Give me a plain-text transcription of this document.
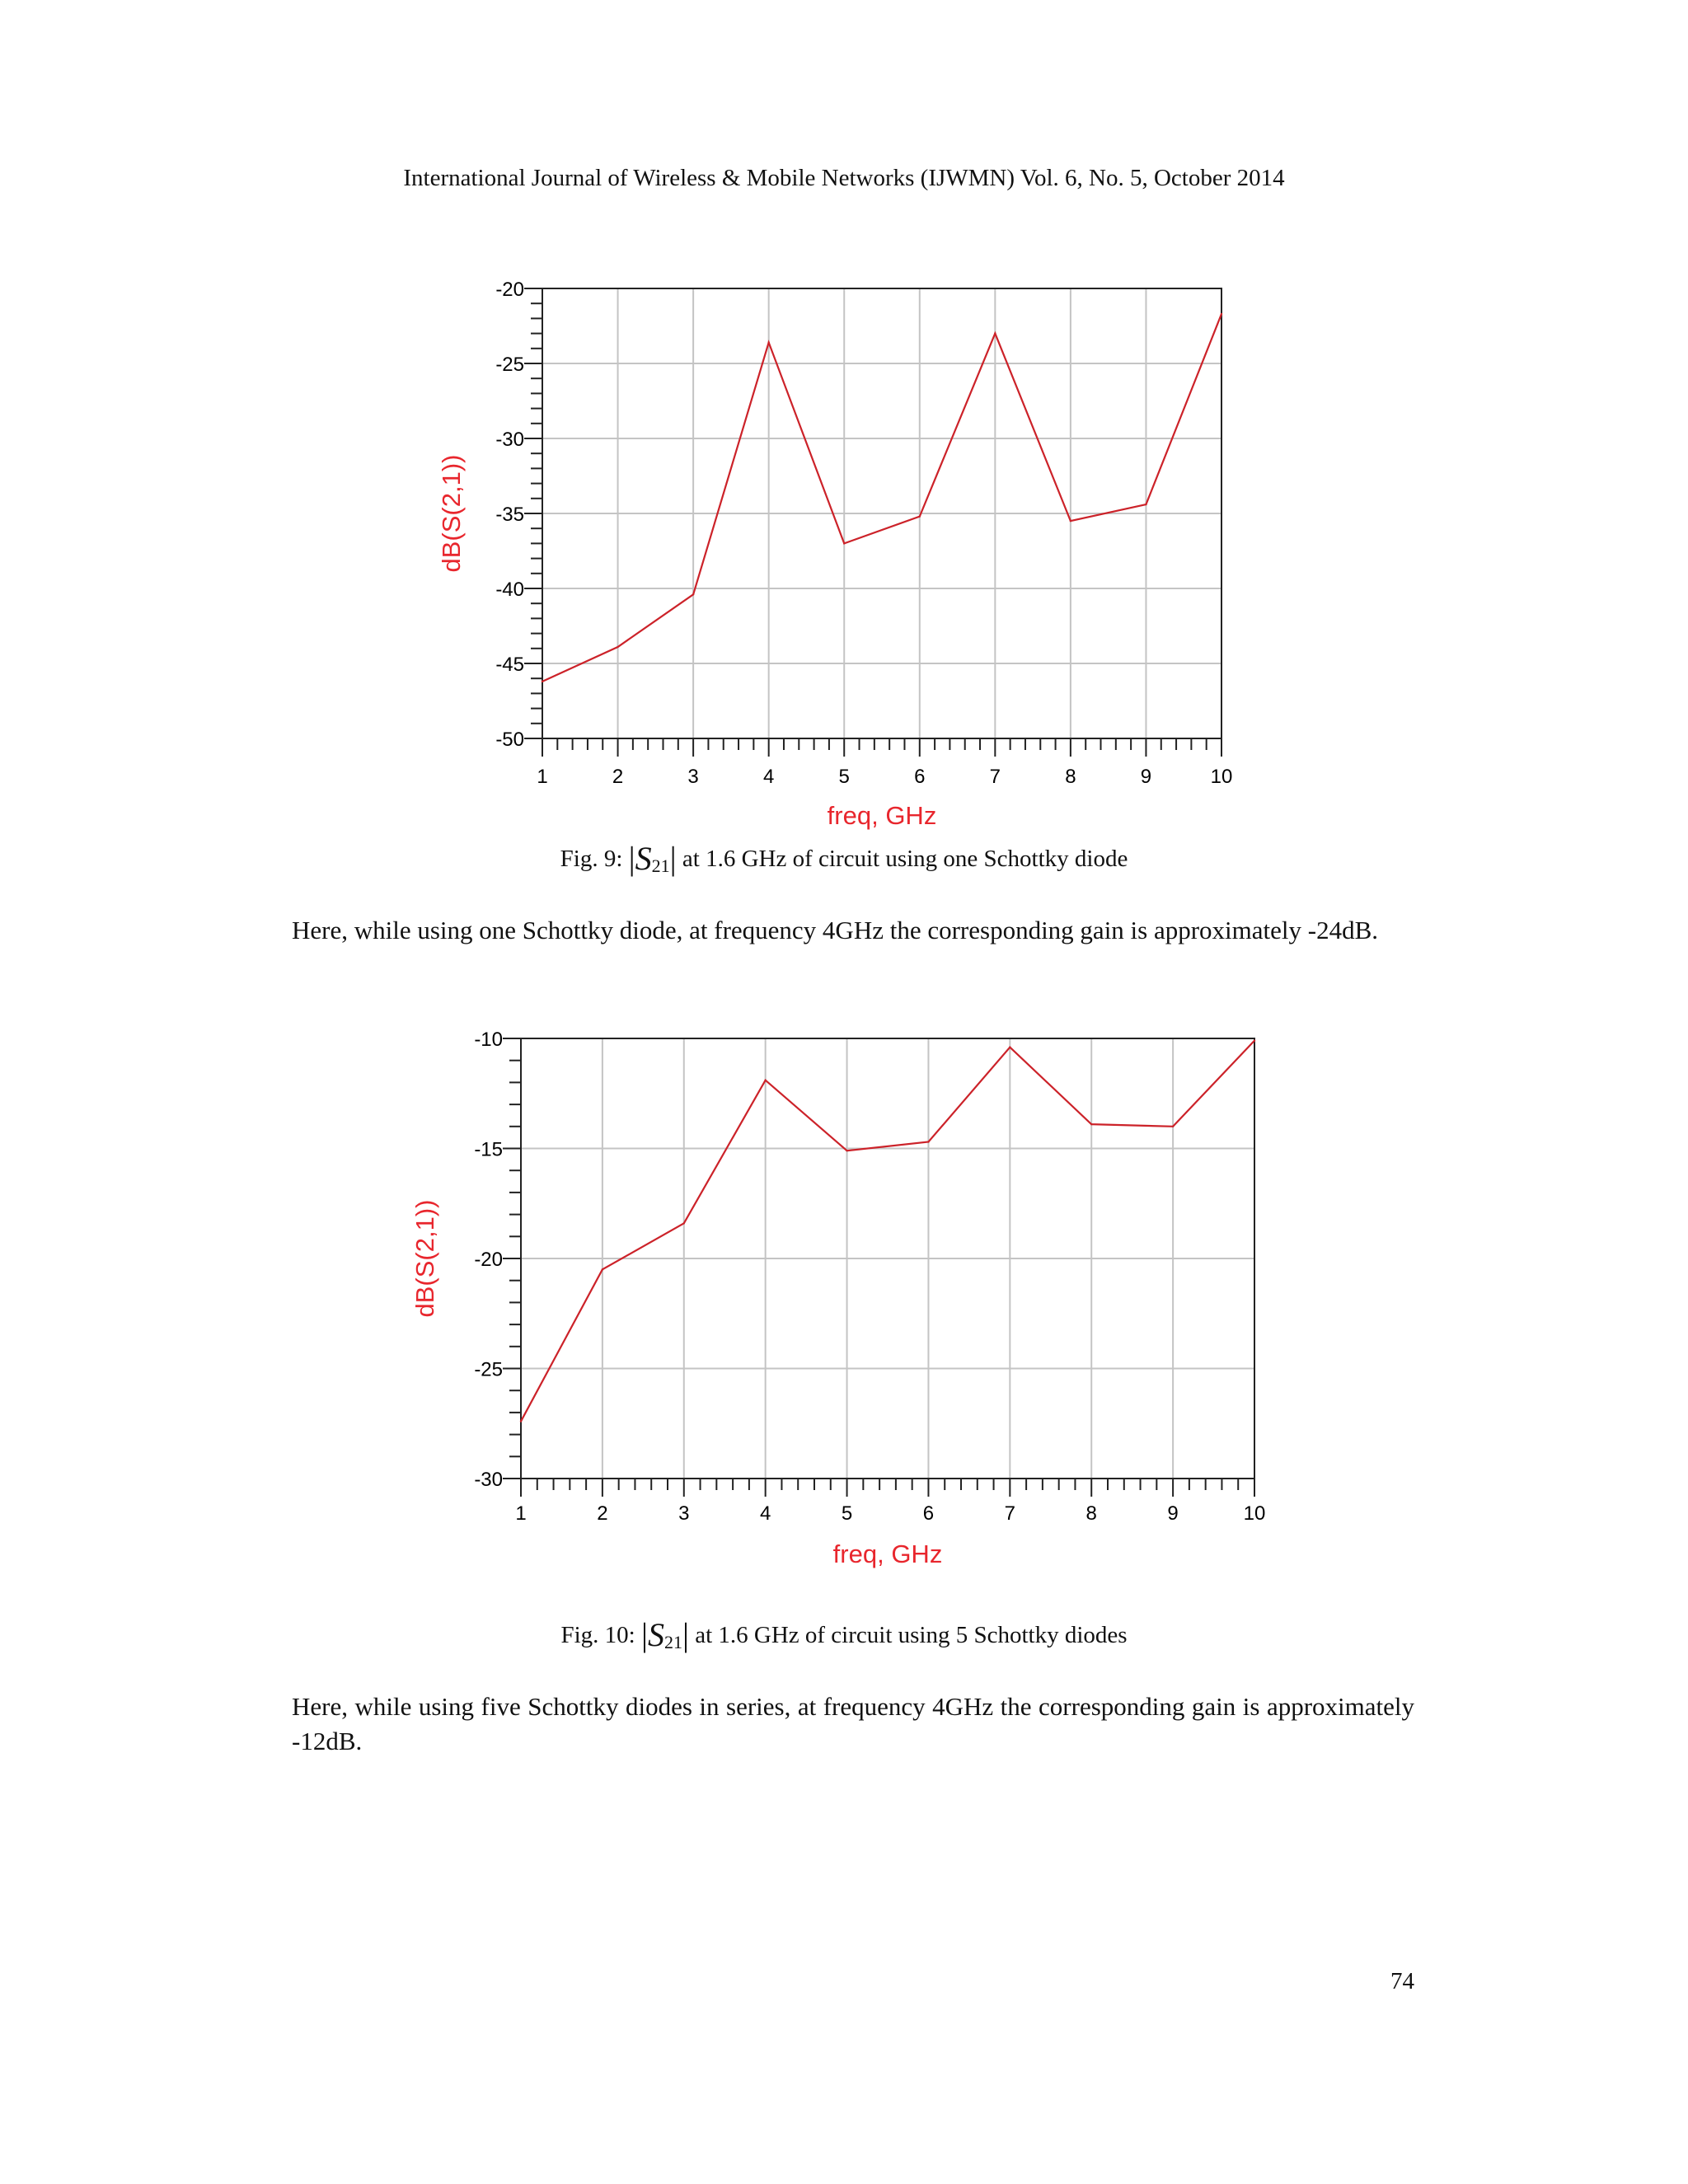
International Journal of Wireless & Mobile Networks (IJWMN) Vol. 6, No. 5, October 2014
1	2	3	4	5	6	7	8	9	10
-20
-25
-30
-35
-40
-45
-50
freq, GHz
dB(S(2,1))
Fig. 9: $|S_{21}|$ at 1.6 GHz of circuit using one Schottky diode

Here, while using one Schottky diode, at frequency 4GHz the corresponding gain is approximately -24dB.

1	2	3	4	5	6	7	8	9	10
-10
-15
-20
-25
-30
freq, GHz
dB(S(2,1))
Fig. 10: $|S_{21}|$ at 1.6 GHz of circuit using 5 Schottky diodes

Here, while using five Schottky diodes in series, at frequency 4GHz the corresponding gain is approximately -12dB.

74
